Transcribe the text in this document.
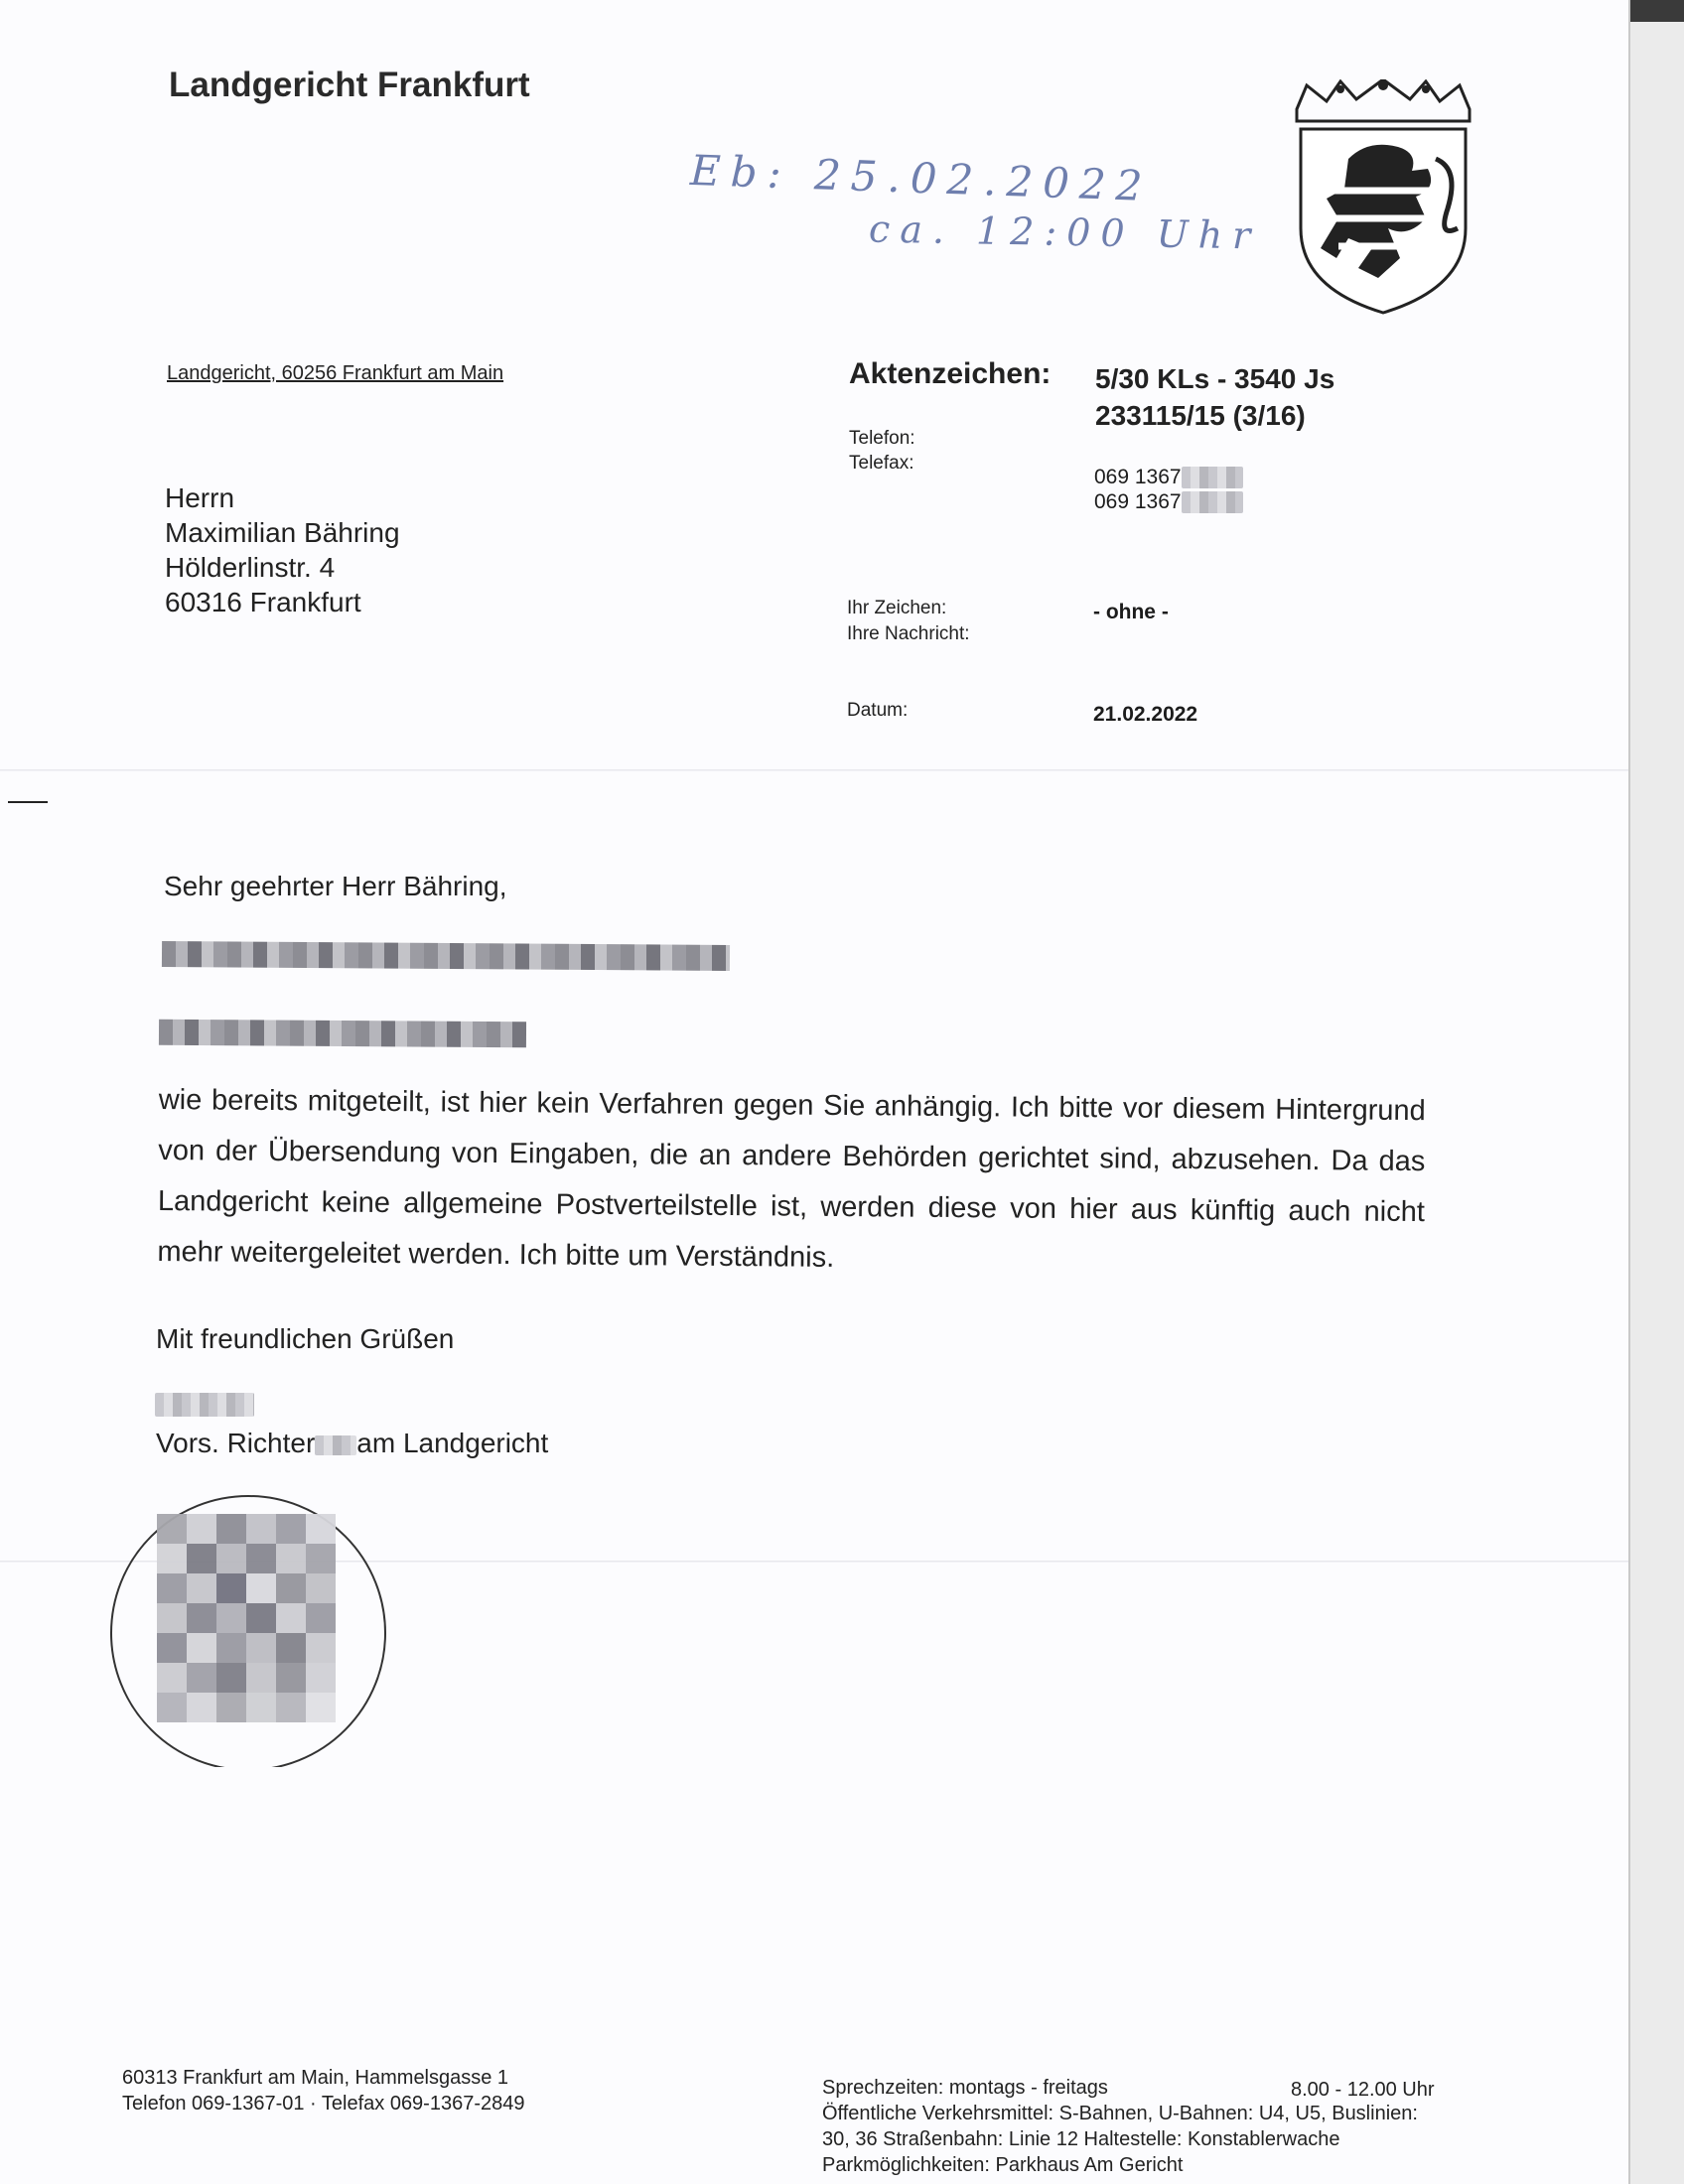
Landgericht Frankfurt
Eb: 25.02.2022
ca. 12:00 Uhr
Landgericht, 60256 Frankfurt am Main
Herrn
Maximilian Bähring
Hölderlinstr. 4
60316 Frankfurt
Aktenzeichen: 5/30 KLs - 3540 Js
233115/15 (3/16)
Telefon:
Telefax:
069 1367
069 1367
Ihr Zeichen:
Ihre Nachricht:
- ohne -
Datum:	21.02.2022
Sehr geehrter Herr Bähring,
wie bereits mitgeteilt, ist hier kein Verfahren gegen Sie anhängig. Ich bitte vor diesem Hintergrund von der Übersendung von Eingaben, die an andere Behörden gerichtet sind, abzusehen. Da das Landgericht keine allgemeine Postverteilstelle ist, werden diese von hier aus künftig auch nicht mehr weitergeleitet werden. Ich bitte um Verständnis.
Mit freundlichen Grüßen
Vors. Richter am Landgericht
60313 Frankfurt am Main, Hammelsgasse 1
Telefon 069-1367-01 · Telefax 069-1367-2849
Sprechzeiten: montags - freitags
Öffentliche Verkehrsmittel: S-Bahnen, U-Bahnen: U4, U5, Buslinien:
30, 36 Straßenbahn: Linie 12 Haltestelle: Konstablerwache
Parkmöglichkeiten: Parkhaus Am Gericht
8.00 - 12.00 Uhr
